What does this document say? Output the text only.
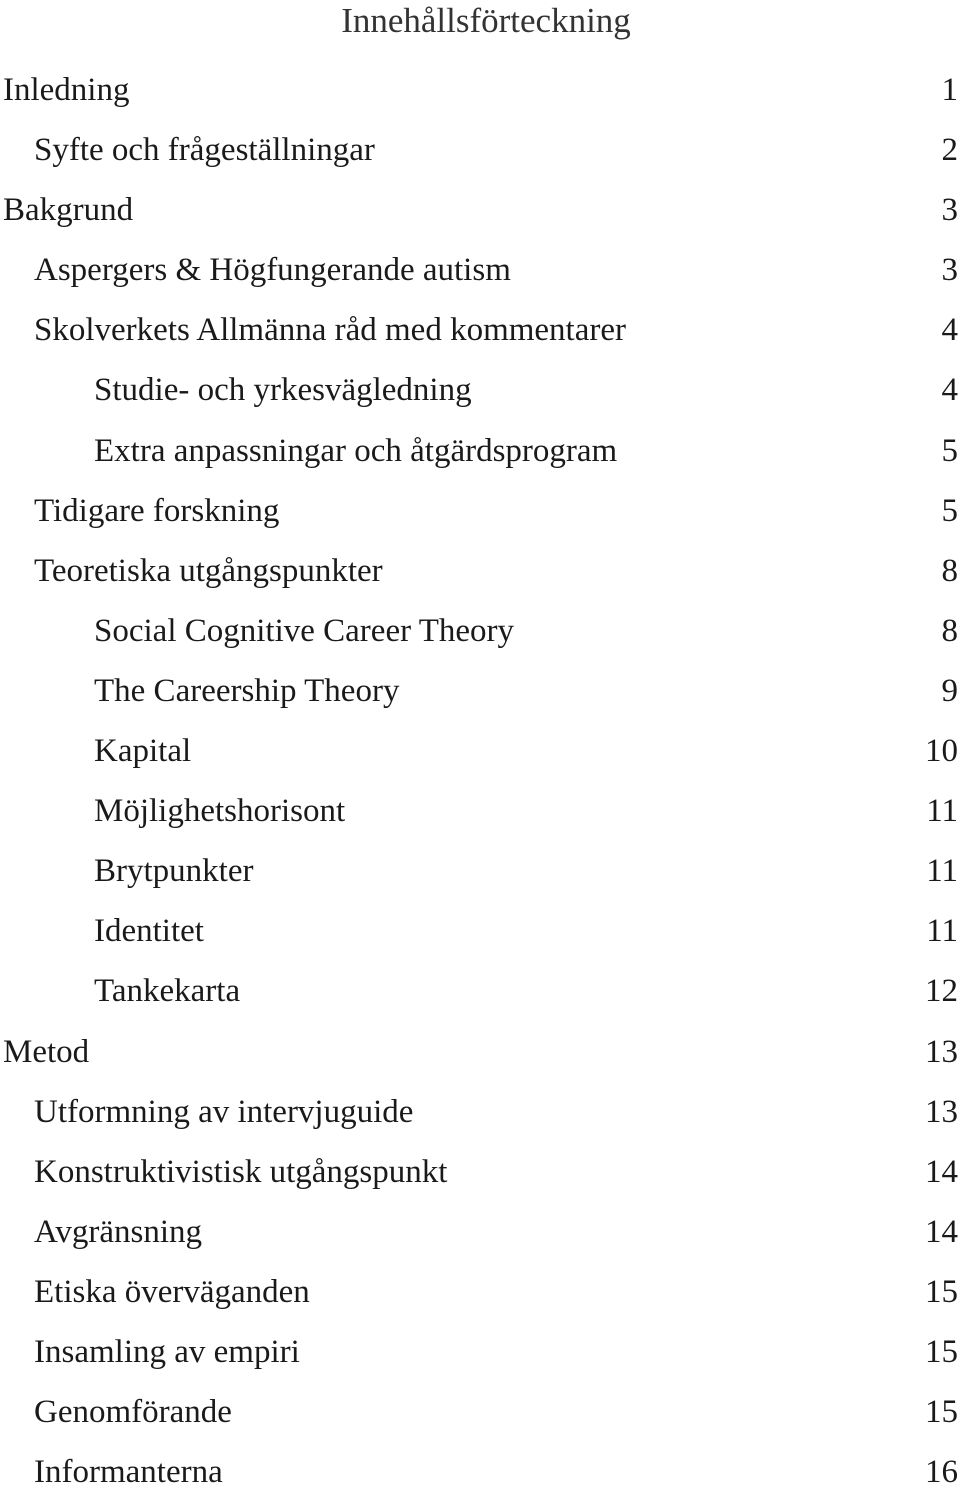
Innehållsförteckning
Inledning	1
Syfte och frågeställningar	2
Bakgrund	3
Aspergers & Högfungerande autism	3
Skolverkets Allmänna råd med kommentarer	4
Studie- och yrkesvägledning	4
Extra anpassningar och åtgärdsprogram	5
Tidigare forskning	5
Teoretiska utgångspunkter	8
Social Cognitive Career Theory	8
The Careership Theory	9
Kapital	10
Möjlighetshorisont	11
Brytpunkter	11
Identitet	11
Tankekarta	12
Metod	13
Utformning av intervjuguide	13
Konstruktivistisk utgångspunkt	14
Avgränsning	14
Etiska överväganden	15
Insamling av empiri	15
Genomförande	15
Informanterna	16
